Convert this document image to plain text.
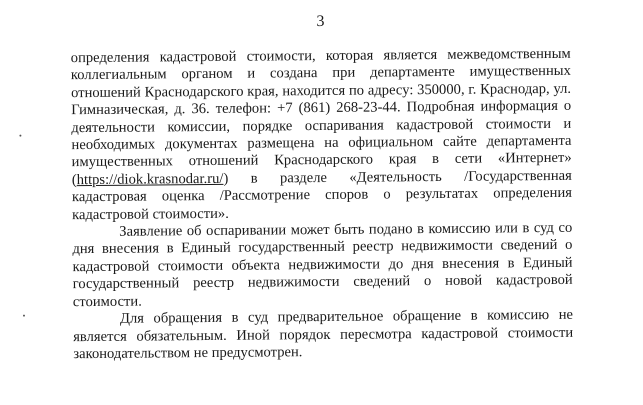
3

определения кадастровой стоимости, которая является межведомственным коллегиальным органом и создана при департаменте имущественных отношений Краснодарского края, находится по адресу: 350000, г. Краснодар, ул. Гимназическая, д. 36. телефон: +7 (861) 268-23-44. Подробная информация о деятельности комиссии, порядке оспаривания кадастровой стоимости и необходимых документах размещена на официальном сайте департамента имущественных отношений Краснодарского края в сети «Интернет» (https://diok.krasnodar.ru/) в разделе «Деятельность /Государственная кадастровая оценка /Рассмотрение споров о результатах определения кадастровой стоимости».

Заявление об оспаривании может быть подано в комиссию или в суд со дня внесения в Единый государственный реестр недвижимости сведений о кадастровой стоимости объекта недвижимости до дня внесения в Единый государственный реестр недвижимости сведений о новой кадастровой стоимости.

Для обращения в суд предварительное обращение в комиссию не является обязательным. Иной порядок пересмотра кадастровой стоимости законодательством не предусмотрен.
